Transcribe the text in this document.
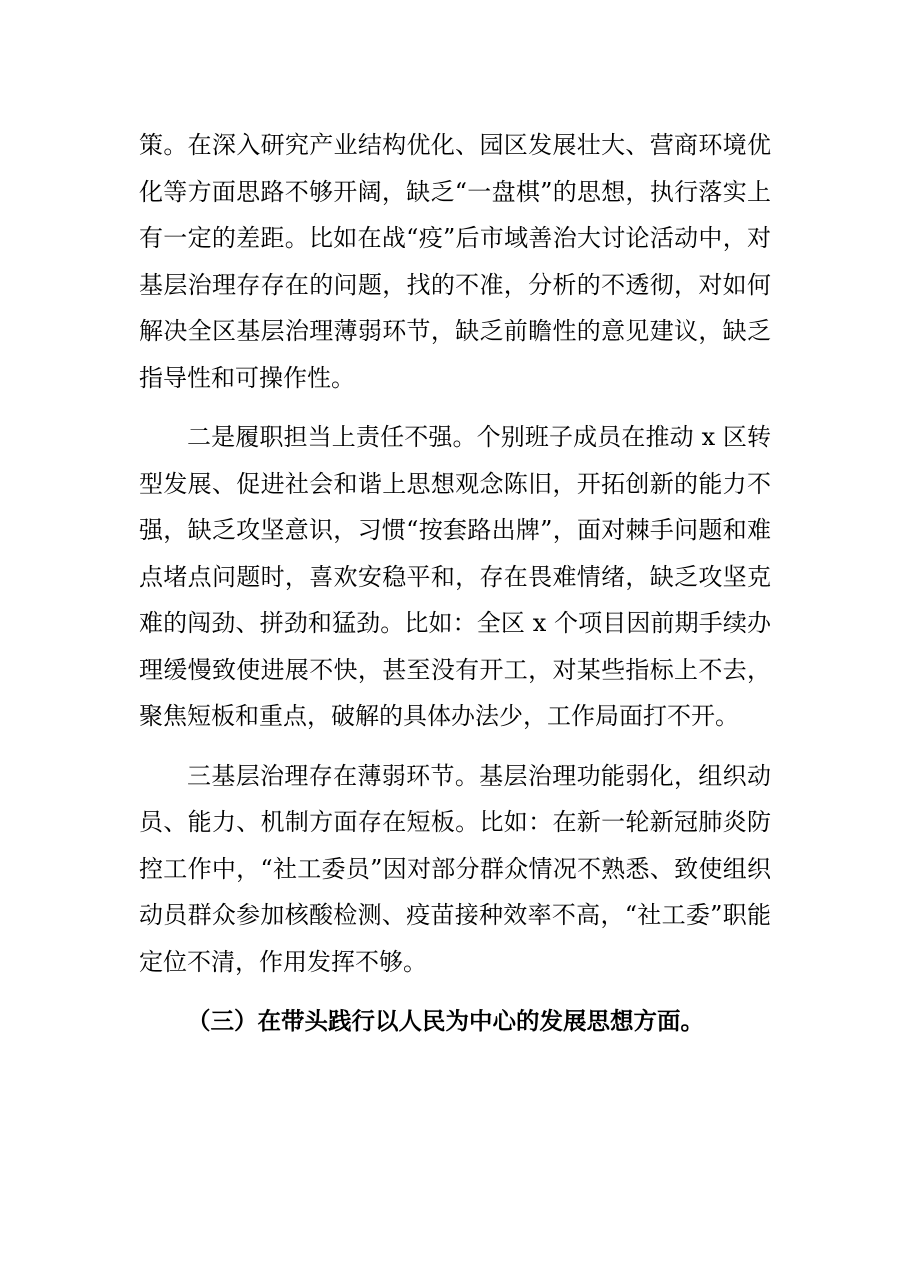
策。在深入研究产业结构优化、园区发展壮大、营商环境优化等方面思路不够开阔，缺乏“一盘棋”的思想，执行落实上有一定的差距。比如在战“疫”后市域善治大讨论活动中，对基层治理存存在的问题，找的不准，分析的不透彻，对如何解决全区基层治理薄弱环节，缺乏前瞻性的意见建议，缺乏指导性和可操作性。

二是履职担当上责任不强。个别班子成员在推动 x 区转型发展、促进社会和谐上思想观念陈旧，开拓创新的能力不强，缺乏攻坚意识，习惯“按套路出牌”，面对棘手问题和难点堵点问题时，喜欢安稳平和，存在畏难情绪，缺乏攻坚克难的闯劲、拼劲和猛劲。比如：全区 x 个项目因前期手续办理缓慢致使进展不快，甚至没有开工，对某些指标上不去，聚焦短板和重点，破解的具体办法少，工作局面打不开。

三基层治理存在薄弱环节。基层治理功能弱化，组织动员、能力、机制方面存在短板。比如：在新一轮新冠肺炎防控工作中，“社工委员”因对部分群众情况不熟悉、致使组织动员群众参加核酸检测、疫苗接种效率不高，“社工委”职能定位不清，作用发挥不够。

（三）在带头践行以人民为中心的发展思想方面。
